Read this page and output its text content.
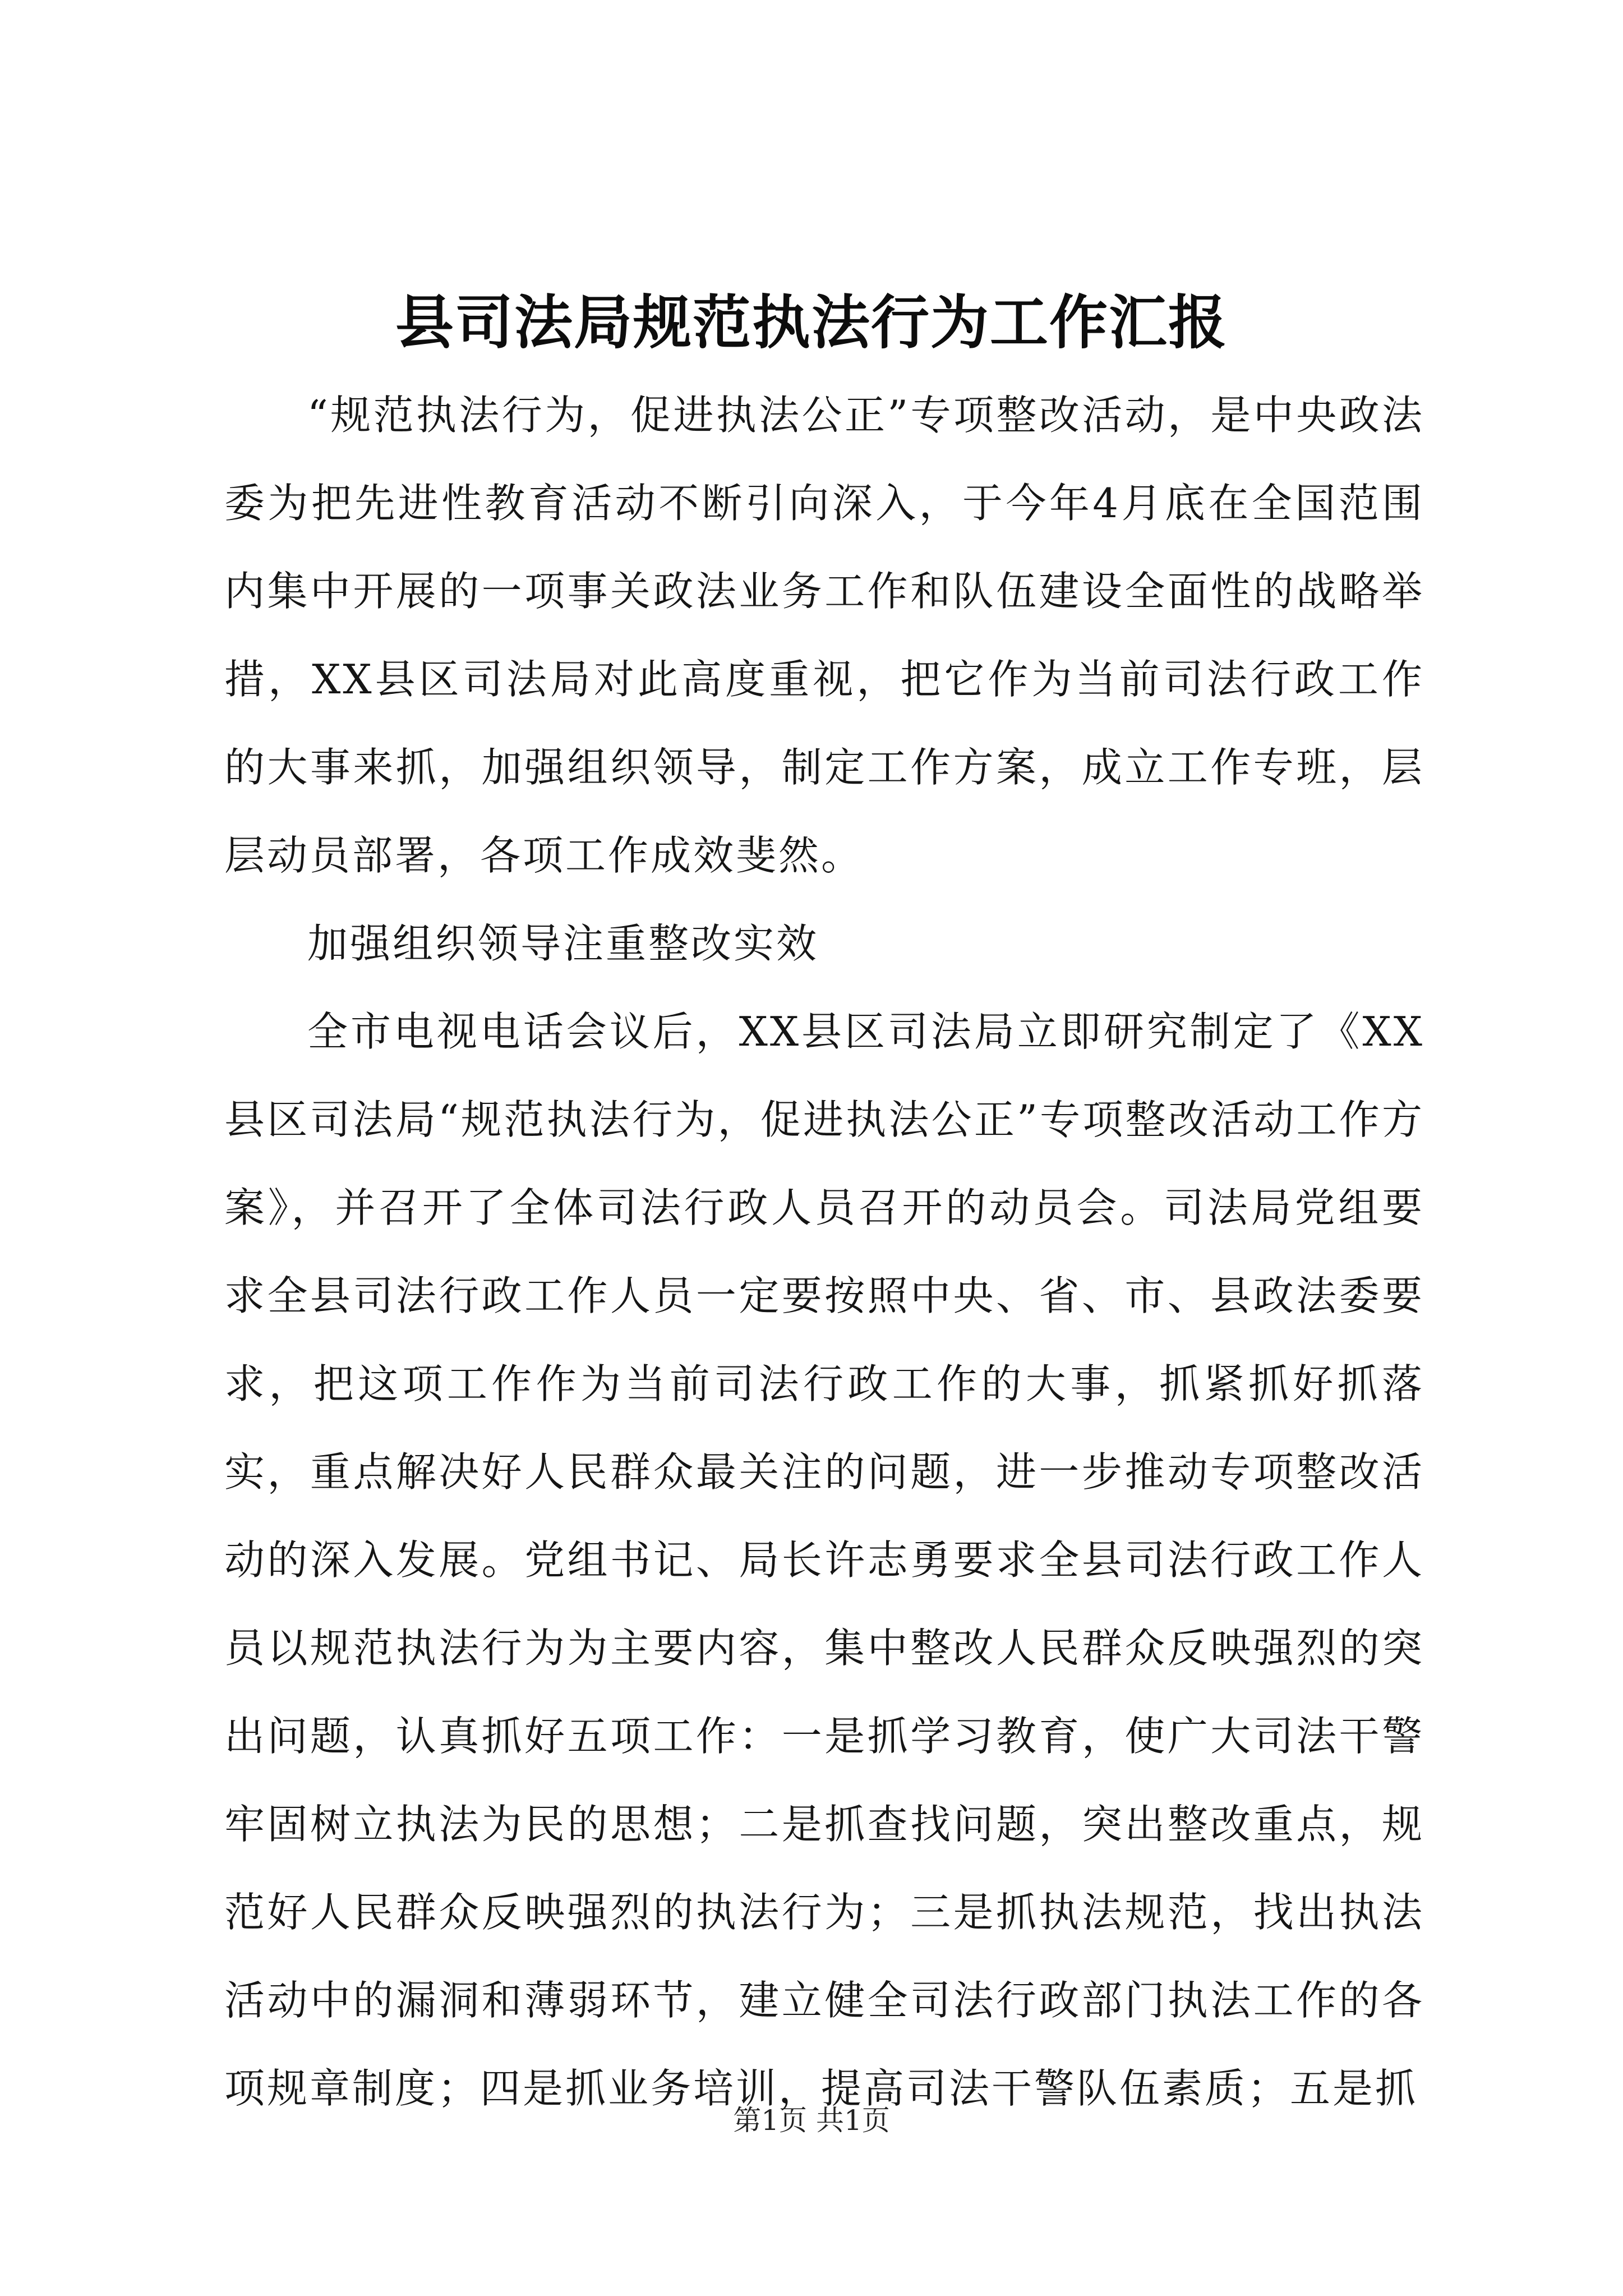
县司法局规范执法行为工作汇报

“规范执法行为，促进执法公正”专项整改活动，是中央政法委为把先进性教育活动不断引向深入，于今年4月底在全国范围内集中开展的一项事关政法业务工作和队伍建设全面性的战略举措，XX县区司法局对此高度重视，把它作为当前司法行政工作的大事来抓，加强组织领导，制定工作方案，成立工作专班，层层动员部署，各项工作成效斐然。

加强组织领导注重整改实效

全市电视电话会议后，XX县区司法局立即研究制定了《XX县区司法局“规范执法行为，促进执法公正”专项整改活动工作方案》，并召开了全体司法行政人员召开的动员会。司法局党组要求全县司法行政工作人员一定要按照中央、省、市、县政法委要求，把这项工作作为当前司法行政工作的大事，抓紧抓好抓落实，重点解决好人民群众最关注的问题，进一步推动专项整改活动的深入发展。党组书记、局长许志勇要求全县司法行政工作人员以规范执法行为为主要内容，集中整改人民群众反映强烈的突出问题，认真抓好五项工作：一是抓学习教育，使广大司法干警牢固树立执法为民的思想；二是抓查找问题，突出整改重点，规范好人民群众反映强烈的执法行为；三是抓执法规范，找出执法活动中的漏洞和薄弱环节，建立健全司法行政部门执法工作的各项规章制度；四是抓业务培训，提高司法干警队伍素质；五是抓

第1页 共1页
